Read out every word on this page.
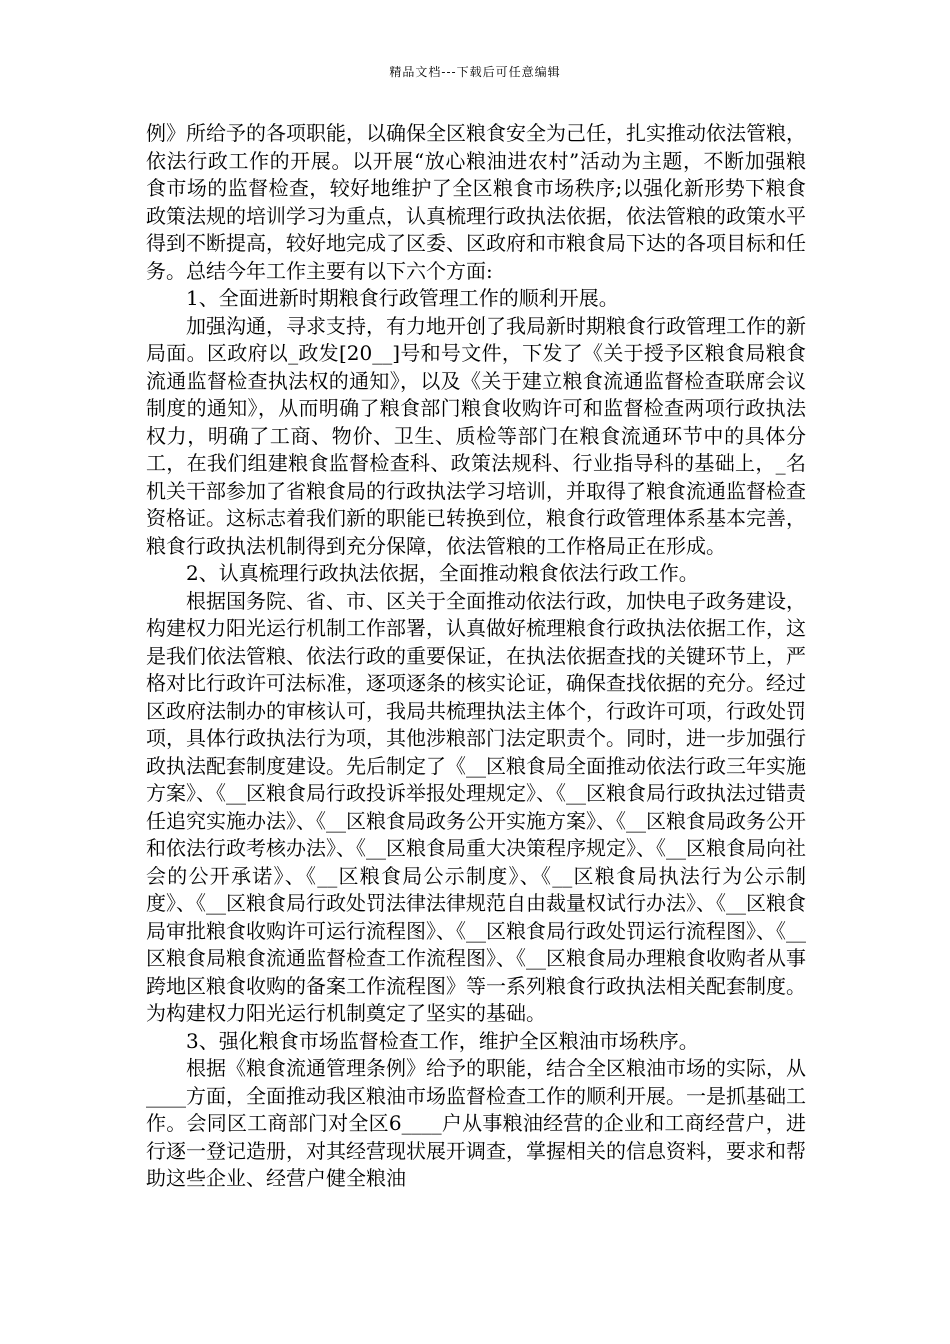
精品文档---下载后可任意编辑

例》所给予的各项职能，以确保全区粮食安全为己任，扎实推动依法管粮，依法行政工作的开展。以开展“放心粮油进农村”活动为主题，不断加强粮食市场的监督检查，较好地维护了全区粮食市场秩序;以强化新形势下粮食政策法规的培训学习为重点，认真梳理行政执法依据，依法管粮的政策水平得到不断提高，较好地完成了区委、区政府和市粮食局下达的各项目标和任务。总结今年工作主要有以下六个方面:

1、全面进新时期粮食行政管理工作的顺利开展。

加强沟通，寻求支持，有力地开创了我局新时期粮食行政管理工作的新局面。区政府以_政发[20__]号和号文件，下发了《关于授予区粮食局粮食流通监督检查执法权的通知》，以及《关于建立粮食流通监督检查联席会议制度的通知》，从而明确了粮食部门粮食收购许可和监督检查两项行政执法权力，明确了工商、物价、卫生、质检等部门在粮食流通环节中的具体分工，在我们组建粮食监督检查科、政策法规科、行业指导科的基础上，_名机关干部参加了省粮食局的行政执法学习培训，并取得了粮食流通监督检查资格证。这标志着我们新的职能已转换到位，粮食行政管理体系基本完善，粮食行政执法机制得到充分保障，依法管粮的工作格局正在形成。

2、认真梳理行政执法依据，全面推动粮食依法行政工作。

根据国务院、省、市、区关于全面推动依法行政，加快电子政务建设，构建权力阳光运行机制工作部署，认真做好梳理粮食行政执法依据工作，这是我们依法管粮、依法行政的重要保证，在执法依据查找的关键环节上，严格对比行政许可法标准，逐项逐条的核实论证，确保查找依据的充分。经过区政府法制办的审核认可，我局共梳理执法主体个，行政许可项，行政处罚项，具体行政执法行为项，其他涉粮部门法定职责个。同时，进一步加强行政执法配套制度建设。先后制定了《__区粮食局全面推动依法行政三年实施方案》、《__区粮食局行政投诉举报处理规定》、《__区粮食局行政执法过错责任追究实施办法》、《__区粮食局政务公开实施方案》、《__区粮食局政务公开和依法行政考核办法》、《__区粮食局重大决策程序规定》、《__区粮食局向社会的公开承诺》、《__区粮食局公示制度》、《__区粮食局执法行为公示制度》、《__区粮食局行政处罚法律法律规范自由裁量权试行办法》、《__区粮食局审批粮食收购许可运行流程图》、《__区粮食局行政处罚运行流程图》、《__区粮食局粮食流通监督检查工作流程图》、《__区粮食局办理粮食收购者从事跨地区粮食收购的备案工作流程图》等一系列粮食行政执法相关配套制度。为构建权力阳光运行机制奠定了坚实的基础。

3、强化粮食市场监督检查工作，维护全区粮油市场秩序。

根据《粮食流通管理条例》给予的职能，结合全区粮油市场的实际，从____方面，全面推动我区粮油市场监督检查工作的顺利开展。一是抓基础工作。会同区工商部门对全区6____户从事粮油经营的企业和工商经营户，进行逐一登记造册，对其经营现状展开调查，掌握相关的信息资料，要求和帮助这些企业、经营户健全粮油
